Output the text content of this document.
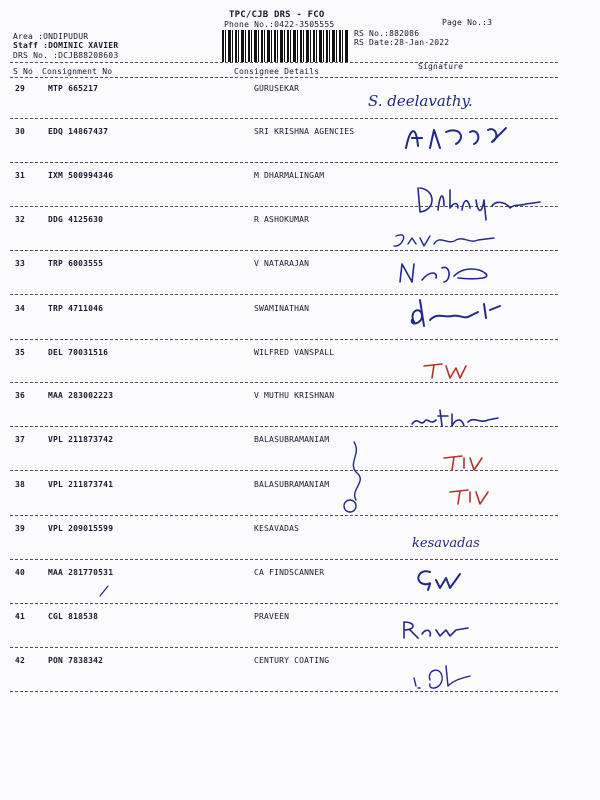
TPC/CJB DRS - FCO
Phone No.:0422-3505555	Page No.:3
Area :ONDIPUDUR
Staff :DOMINIC XAVIER
DRS No. :DCJB8820860З
RS No.:882086
RS Date:28-Jan-2022
S No Consignment No	Consignee Details
Signature
29	MTP 665217	GURUSEKAR
30	EDQ 14867437	SRI KRISHNA AGENCIES
31	IXM 500994346	M DHARMALINGAM
32	DDG 4125630	R ASHOKUMAR
33	TRP 6003555	V NATARAJAN
34	TRP 4711046	SWAMINATHAN
35	DEL 70031516	WILFRED VANSPALL
36	MAA 283002223	V MUTHU KRISHNAN
37	VPL 211873742	BALASUBRAMANIAM
38	VPL 211873741	BALASUBRAMANIAM
39	VPL 209015599	KESAVADAS
40	MAA 281770531	CA FINDSCANNER
41	CGL 818538	PRAVEEN
42	PON 7838342	CENTURY COATING
S. deelavathy.
kesavadas
